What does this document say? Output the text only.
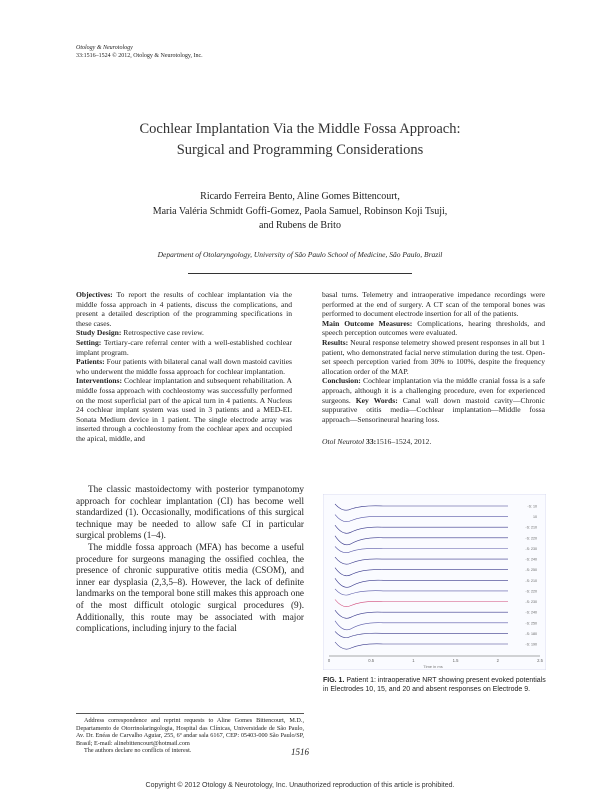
Otology & Neurotology
33:1516–1524 © 2012, Otology & Neurotology, Inc.
Cochlear Implantation Via the Middle Fossa Approach:
Surgical and Programming Considerations
Ricardo Ferreira Bento, Aline Gomes Bittencourt,
Maria Valéria Schmidt Goffi-Gomez, Paola Samuel, Robinson Koji Tsuji,
and Rubens de Brito
Department of Otolaryngology, University of São Paulo School of Medicine, São Paulo, Brazil

Objectives: To report the results of cochlear implantation via the middle fossa approach in 4 patients, discuss the complications, and present a detailed description of the programming specifications in these cases.

Study Design: Retrospective case review.

Setting: Tertiary-care referral center with a well-established cochlear implant program.

Patients: Four patients with bilateral canal wall down mastoid cavities who underwent the middle fossa approach for cochlear implantation.

Interventions: Cochlear implantation and subsequent rehabilitation. A middle fossa approach with cochleostomy was successfully performed on the most superficial part of the apical turn in 4 patients. A Nucleus 24 cochlear implant system was used in 3 patients and a MED-EL Sonata Medium device in 1 patient. The single electrode array was inserted through a cochleostomy from the cochlear apex and occupied the apical, middle, and

basal turns. Telemetry and intraoperative impedance recordings were performed at the end of surgery. A CT scan of the temporal bones was performed to document electrode insertion for all of the patients.

Main Outcome Measures: Complications, hearing thresholds, and speech perception outcomes were evaluated.

Results: Neural response telemetry showed present responses in all but 1 patient, who demonstrated facial nerve stimulation during the test. Open-set speech perception varied from 30% to 100%, despite the frequency allocation order of the MAP.

Conclusion: Cochlear implantation via the middle cranial fossa is a safe approach, although it is a challenging procedure, even for experienced surgeons. Key Words: Canal wall down mastoid cavity—Chronic suppurative otitis media—Cochlear implantation—Middle fossa approach—Sensorineural hearing loss.

Otol Neurotol 33:1516–1524, 2012.

The classic mastoidectomy with posterior tympanotomy approach for cochlear implantation (CI) has become well standardized (1). Occasionally, modifications of this surgical technique may be needed to allow safe CI in particular surgical problems (1–4).

The middle fossa approach (MFA) has become a useful procedure for surgeons managing the ossified cochlea, the presence of chronic suppurative otitis media (CSOM), and inner ear dysplasia (2,3,5–8). However, the lack of definite landmarks on the temporal bone still makes this approach one of the most difficult otologic surgical procedures (9). Additionally, this route may be associated with major complications, including injury to the facial

Address correspondence and reprint requests to Aline Gomes Bittencourt, M.D., Departamento de Otorrinolaringologia, Hospital das Clínicas, Universidade de São Paulo, Av. Dr. Enéas de Carvalho Aguiar, 255, 6º andar sala 6167, CEP: 05403-000 São Paulo/SP, Brasil; E-mail: alinebittencourt@hotmail.com

The authors declare no conflicts of interest.

-S: 10
10
-S: 210
-S: 220
-S: 230
-S: 240
-S: 250
-S: 210
-S: 220
-S: 230
-S: 240
-S: 250
-S: 180
-S: 190
0	0.5	1	1.5	2	2.5
Time in ms
FIG. 1. Patient 1: intraoperative NRT showing present evoked potentials in Electrodes 10, 15, and 20 and absent responses on Electrode 9.
1516
Copyright © 2012 Otology & Neurotology, Inc. Unauthorized reproduction of this article is prohibited.
